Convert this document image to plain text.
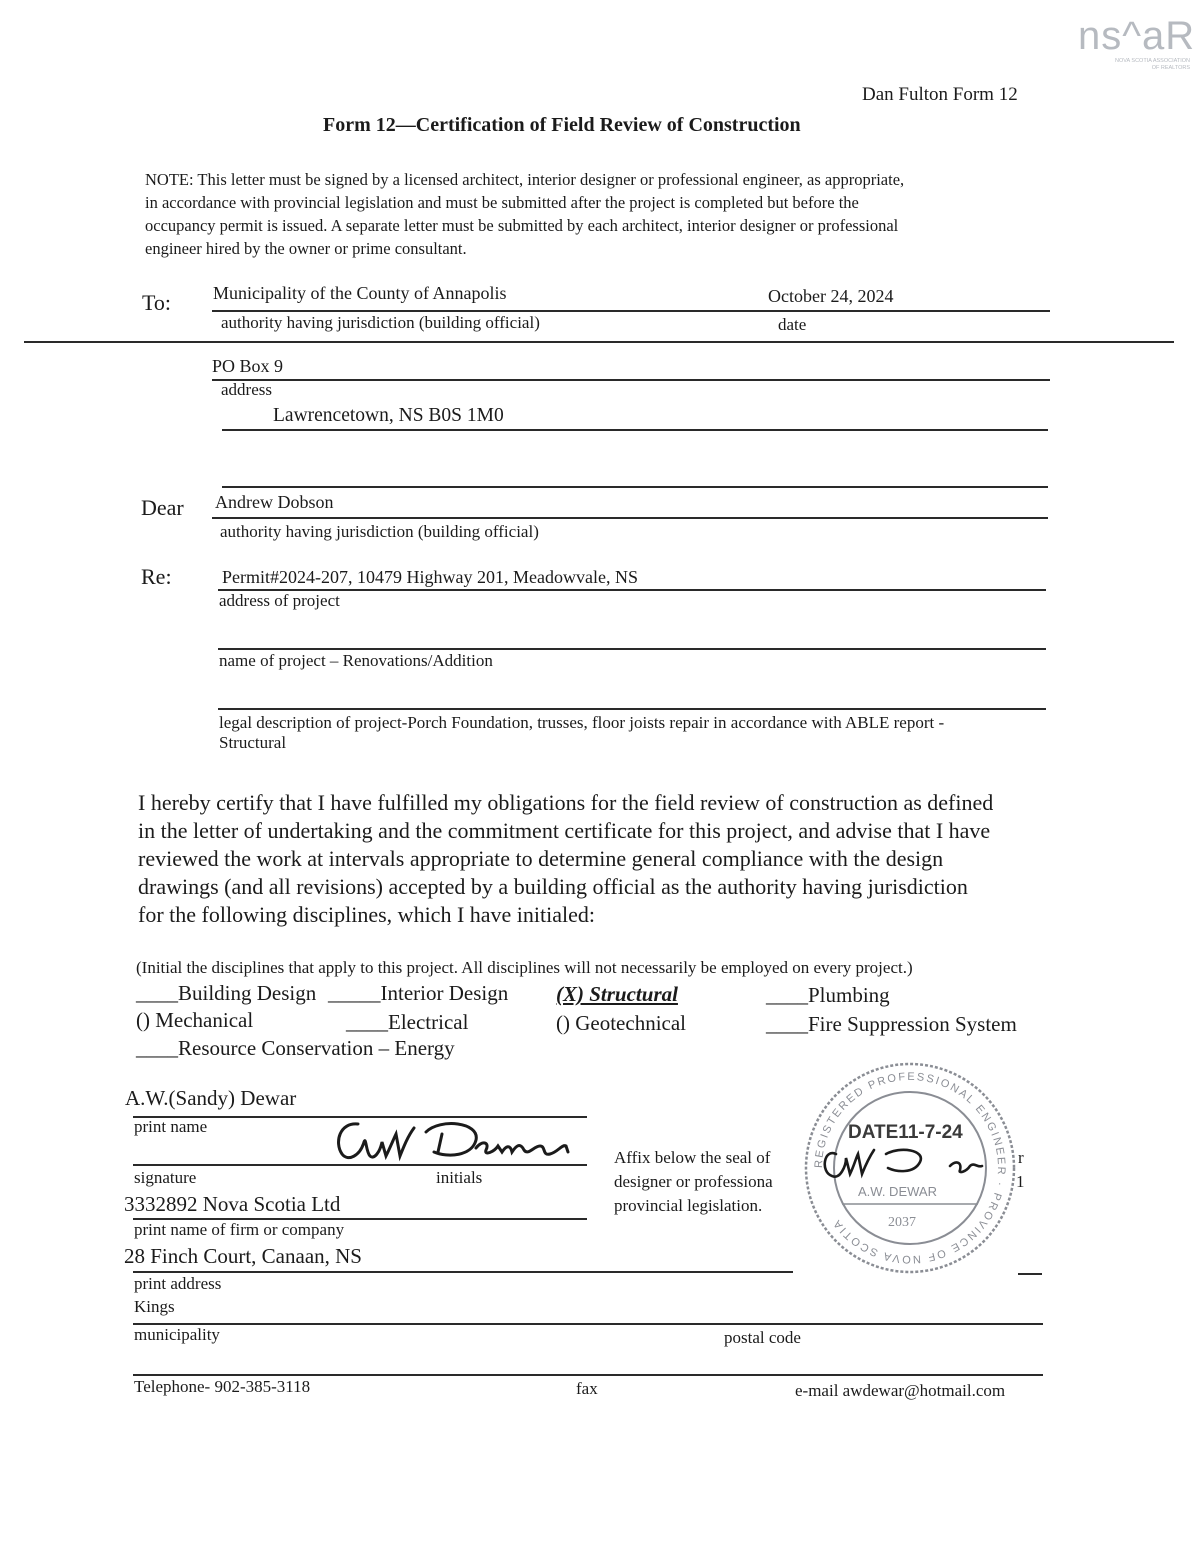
ns^aR
NOVA SCOTIA ASSOCIATION
OF REALTORS
Dan Fulton Form 12
Form 12—Certification of Field Review of Construction
NOTE: This letter must be signed by a licensed architect, interior designer or professional engineer, as appropriate,
in accordance with provincial legislation and must be submitted after the project is completed but before the
occupancy permit is issued. A separate letter must be submitted by each architect, interior designer or professional
engineer hired by the owner or prime consultant.
To: Municipality of the County of Annapolis	October 24, 2024
authority having jurisdiction (building official)	date
PO Box 9
address
Lawrencetown, NS B0S 1M0
Dear Andrew Dobson
authority having jurisdiction (building official)
Re:	Permit#2024-207, 10479 Highway 201, Meadowvale, NS
address of project
name of project – Renovations/Addition
legal description of project-Porch Foundation, trusses, floor joists repair in accordance with ABLE report -
Structural
I hereby certify that I have fulfilled my obligations for the field review of construction as defined
in the letter of undertaking and the commitment certificate for this project, and advise that I have
reviewed the work at intervals appropriate to determine general compliance with the design
drawings (and all revisions) accepted by a building official as the authority having jurisdiction
for the following disciplines, which I have initialed:
(Initial the disciplines that apply to this project. All disciplines will not necessarily be employed on every project.)
____Building Design _____Interior Design (X) Structural	____Plumbing
() Mechanical	____Electrical	() Geotechnical	____Fire Suppression System
____Resource Conservation – Energy
A.W.(Sandy) Dewar
print name
signature	initials
3332892 Nova Scotia Ltd
print name of firm or company
28 Finch Court, Canaan, NS
print address
Kings
municipality	postal code
Telephone- 902-385-3118	fax	e-mail awdewar@hotmail.com
Affix below the seal of
designer or professiona
provincial legislation.
r
1
REGISTERED PROFESSIONAL ENGINEER · PROVINCE OF NOVA SCOTIA
DATE11-7-24
A.W. DEWAR
2037
